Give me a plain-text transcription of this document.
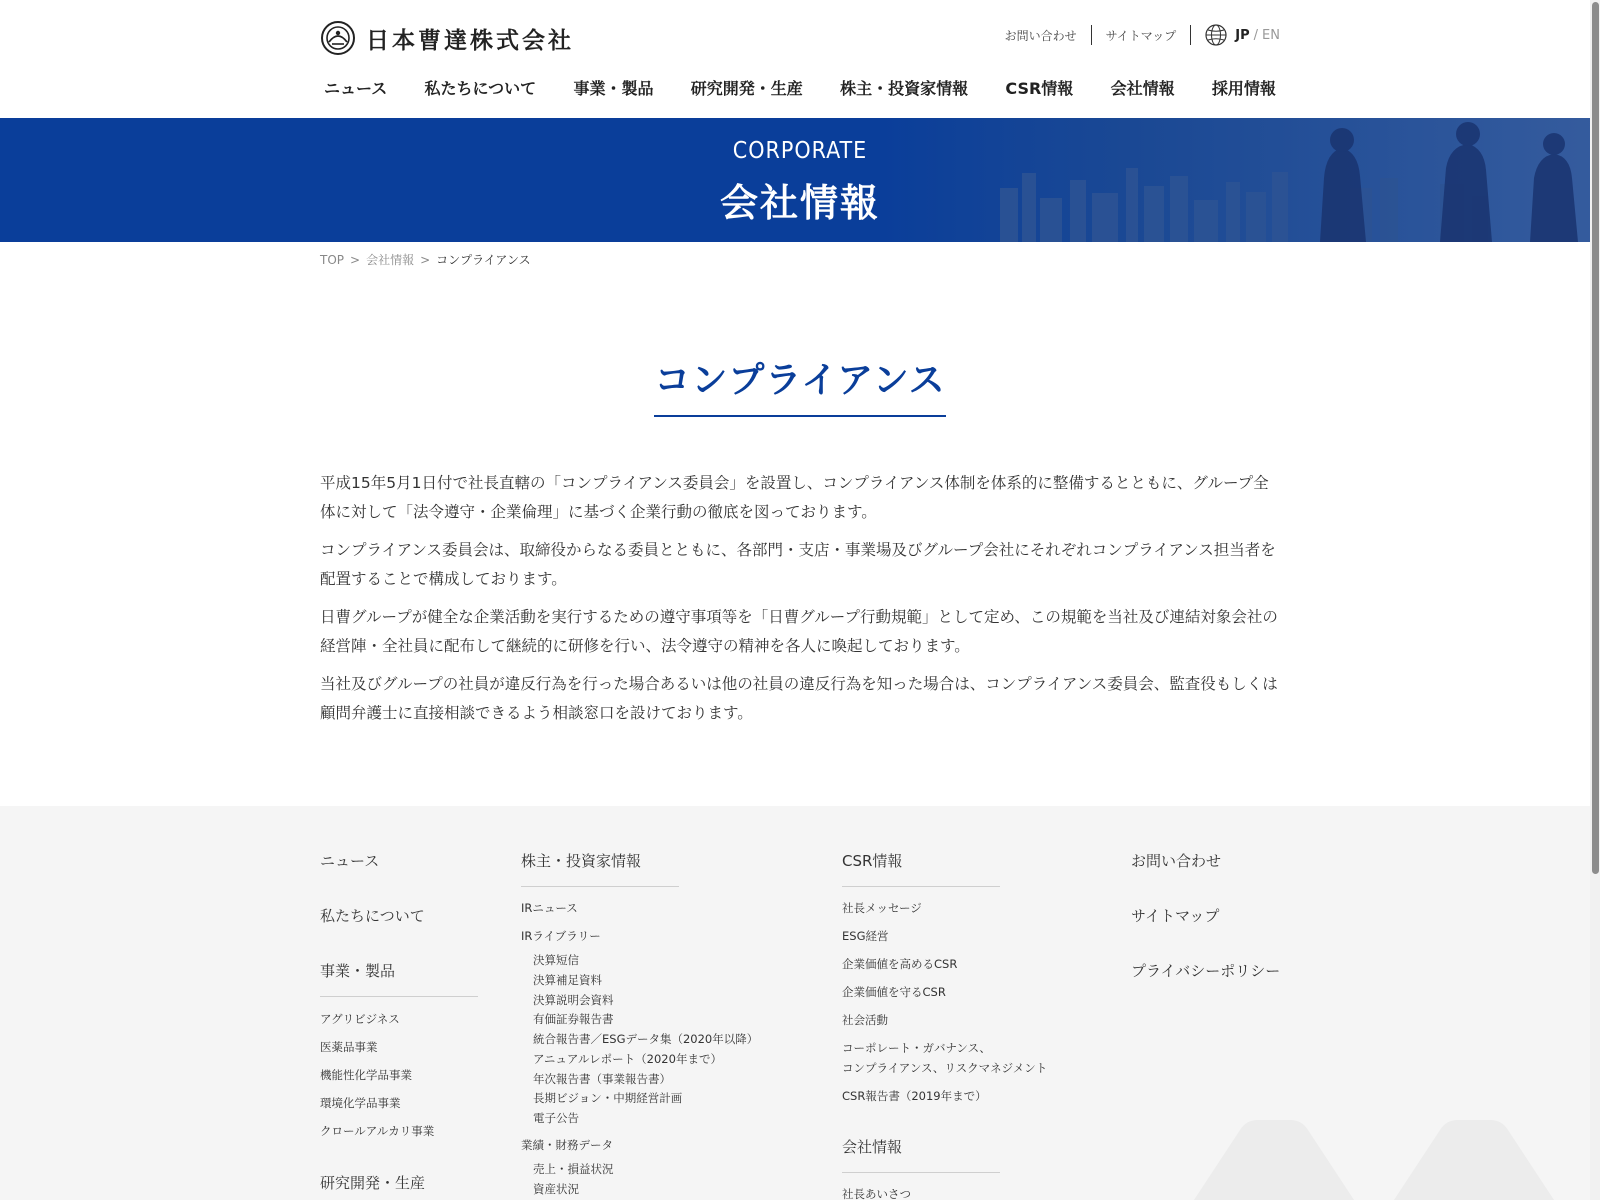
日本曹達株式会社	お問い合わせ サイトマップ	JP / EN
ニュース 私たちについて 事業・製品 研究開発・生産 株主・投資家情報 CSR情報 会社情報 採用情報
CORPORATE
会社情報
TOP > 会社情報 > コンプライアンス
コンプライアンス

平成15年5月1日付で社長直轄の「コンプライアンス委員会」を設置し、コンプライアンス体制を体系的に整備するとともに、グループ全体に対して「法令遵守・企業倫理」に基づく企業行動の徹底を図っております。

コンプライアンス委員会は、取締役からなる委員とともに、各部門・支店・事業場及びグループ会社にそれぞれコンプライアンス担当者を配置することで構成しております。

日曹グループが健全な企業活動を実行するための遵守事項等を「日曹グループ行動規範」として定め、この規範を当社及び連結対象会社の経営陣・全社員に配布して継続的に研修を行い、法令遵守の精神を各人に喚起しております。

当社及びグループの社員が違反行為を行った場合あるいは他の社員の違反行為を知った場合は、コンプライアンス委員会、監査役もしくは顧問弁護士に直接相談できるよう相談窓口を設けております。

ニュース
私たちについて
事業・製品
アグリビジネス
医薬品事業
機能性化学品事業
環境化学品事業
クロールアルカリ事業
研究開発・生産
株主・投資家情報
IRニュース
IRライブラリー
決算短信
決算補足資料
決算説明会資料
有価証券報告書
統合報告書／ESGデータ集（2020年以降）
アニュアルレポート（2020年まで）
年次報告書（事業報告書）
長期ビジョン・中期経営計画
電子公告
業績・財務データ
売上・損益状況
資産状況
CSR情報
社長メッセージ
ESG経営
企業価値を高めるCSR
企業価値を守るCSR
社会活動
コーポレート・ガバナンス、
コンプライアンス、リスクマネジメント
CSR報告書（2019年まで）
会社情報
社長あいさつ
お問い合わせ
サイトマップ
プライバシーポリシー
